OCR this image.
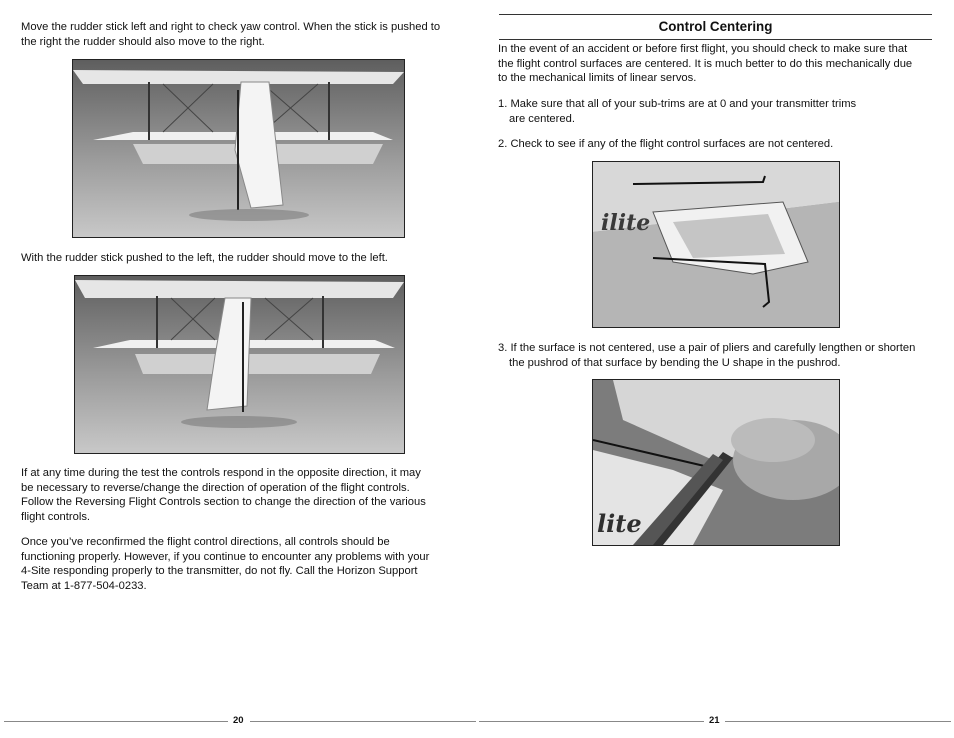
Move the rudder stick left and right to check yaw control. When the stick is pushed to
the right the rudder should also move to the right.
With the rudder stick pushed to the left, the rudder should move to the left.
If at any time during the test the controls respond in the opposite direction, it may
be necessary to reverse/change the direction of operation of the flight controls.
Follow the Reversing Flight Controls section to change the direction of the various
flight controls.
Once you’ve reconfirmed the flight control directions, all controls should be
functioning properly. However, if you continue to encounter any problems with your
4-Site responding properly to the transmitter, do not fly. Call the Horizon Support
Team at 1-877-504-0233.
20
Control Centering
In the event of an accident or before first flight, you should check to make sure that
the flight control surfaces are centered. It is much better to do this mechanically due
to the mechanical limits of linear servos.
1. Make sure that all of your sub-trims are at 0 and your transmitter trims
are centered.
2. Check to see if any of the flight control surfaces are not centered.
ilite
3. If the surface is not centered, use a pair of pliers and carefully lengthen or shorten
the pushrod of that surface by bending the U shape in the pushrod.
lite
21
